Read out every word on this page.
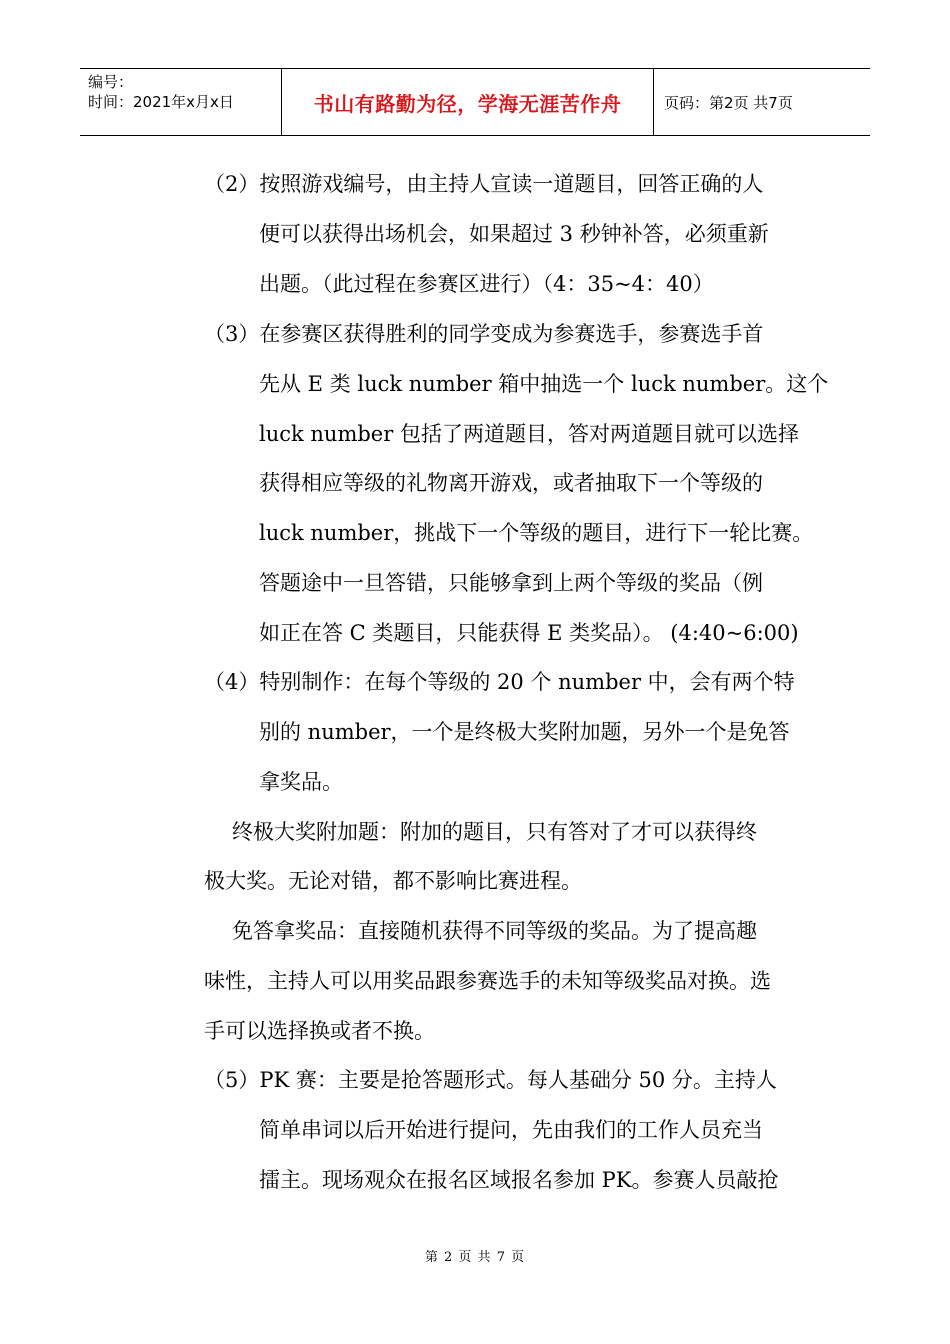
编号：
时间：2021年x月x日	书山有路勤为径，学海无涯苦作舟	页码：第2页 共7页
（2）按照游戏编号，由主持人宣读一道题目，回答正确的人
便可以获得出场机会，如果超过 3 秒钟补答，必须重新
出题。（此过程在参赛区进行）（4：35~4：40）
（3）在参赛区获得胜利的同学变成为参赛选手，参赛选手首
先从 E 类 luck number 箱中抽选一个 luck number。这个
luck number 包括了两道题目，答对两道题目就可以选择
获得相应等级的礼物离开游戏，或者抽取下一个等级的
luck number，挑战下一个等级的题目，进行下一轮比赛。
答题途中一旦答错，只能够拿到上两个等级的奖品（例
如正在答 C 类题目，只能获得 E 类奖品）。 (4:40~6:00)
（4）特别制作：在每个等级的 20 个 number 中，会有两个特
别的 number，一个是终极大奖附加题，另外一个是免答
拿奖品。
终极大奖附加题：附加的题目，只有答对了才可以获得终
极大奖。无论对错，都不影响比赛进程。
免答拿奖品：直接随机获得不同等级的奖品。为了提高趣
味性，主持人可以用奖品跟参赛选手的未知等级奖品对换。选
手可以选择换或者不换。
（5）PK 赛：主要是抢答题形式。每人基础分 50 分。主持人
简单串词以后开始进行提问，先由我们的工作人员充当
擂主。现场观众在报名区域报名参加 PK。参赛人员敲抢
第 2 页 共 7 页
